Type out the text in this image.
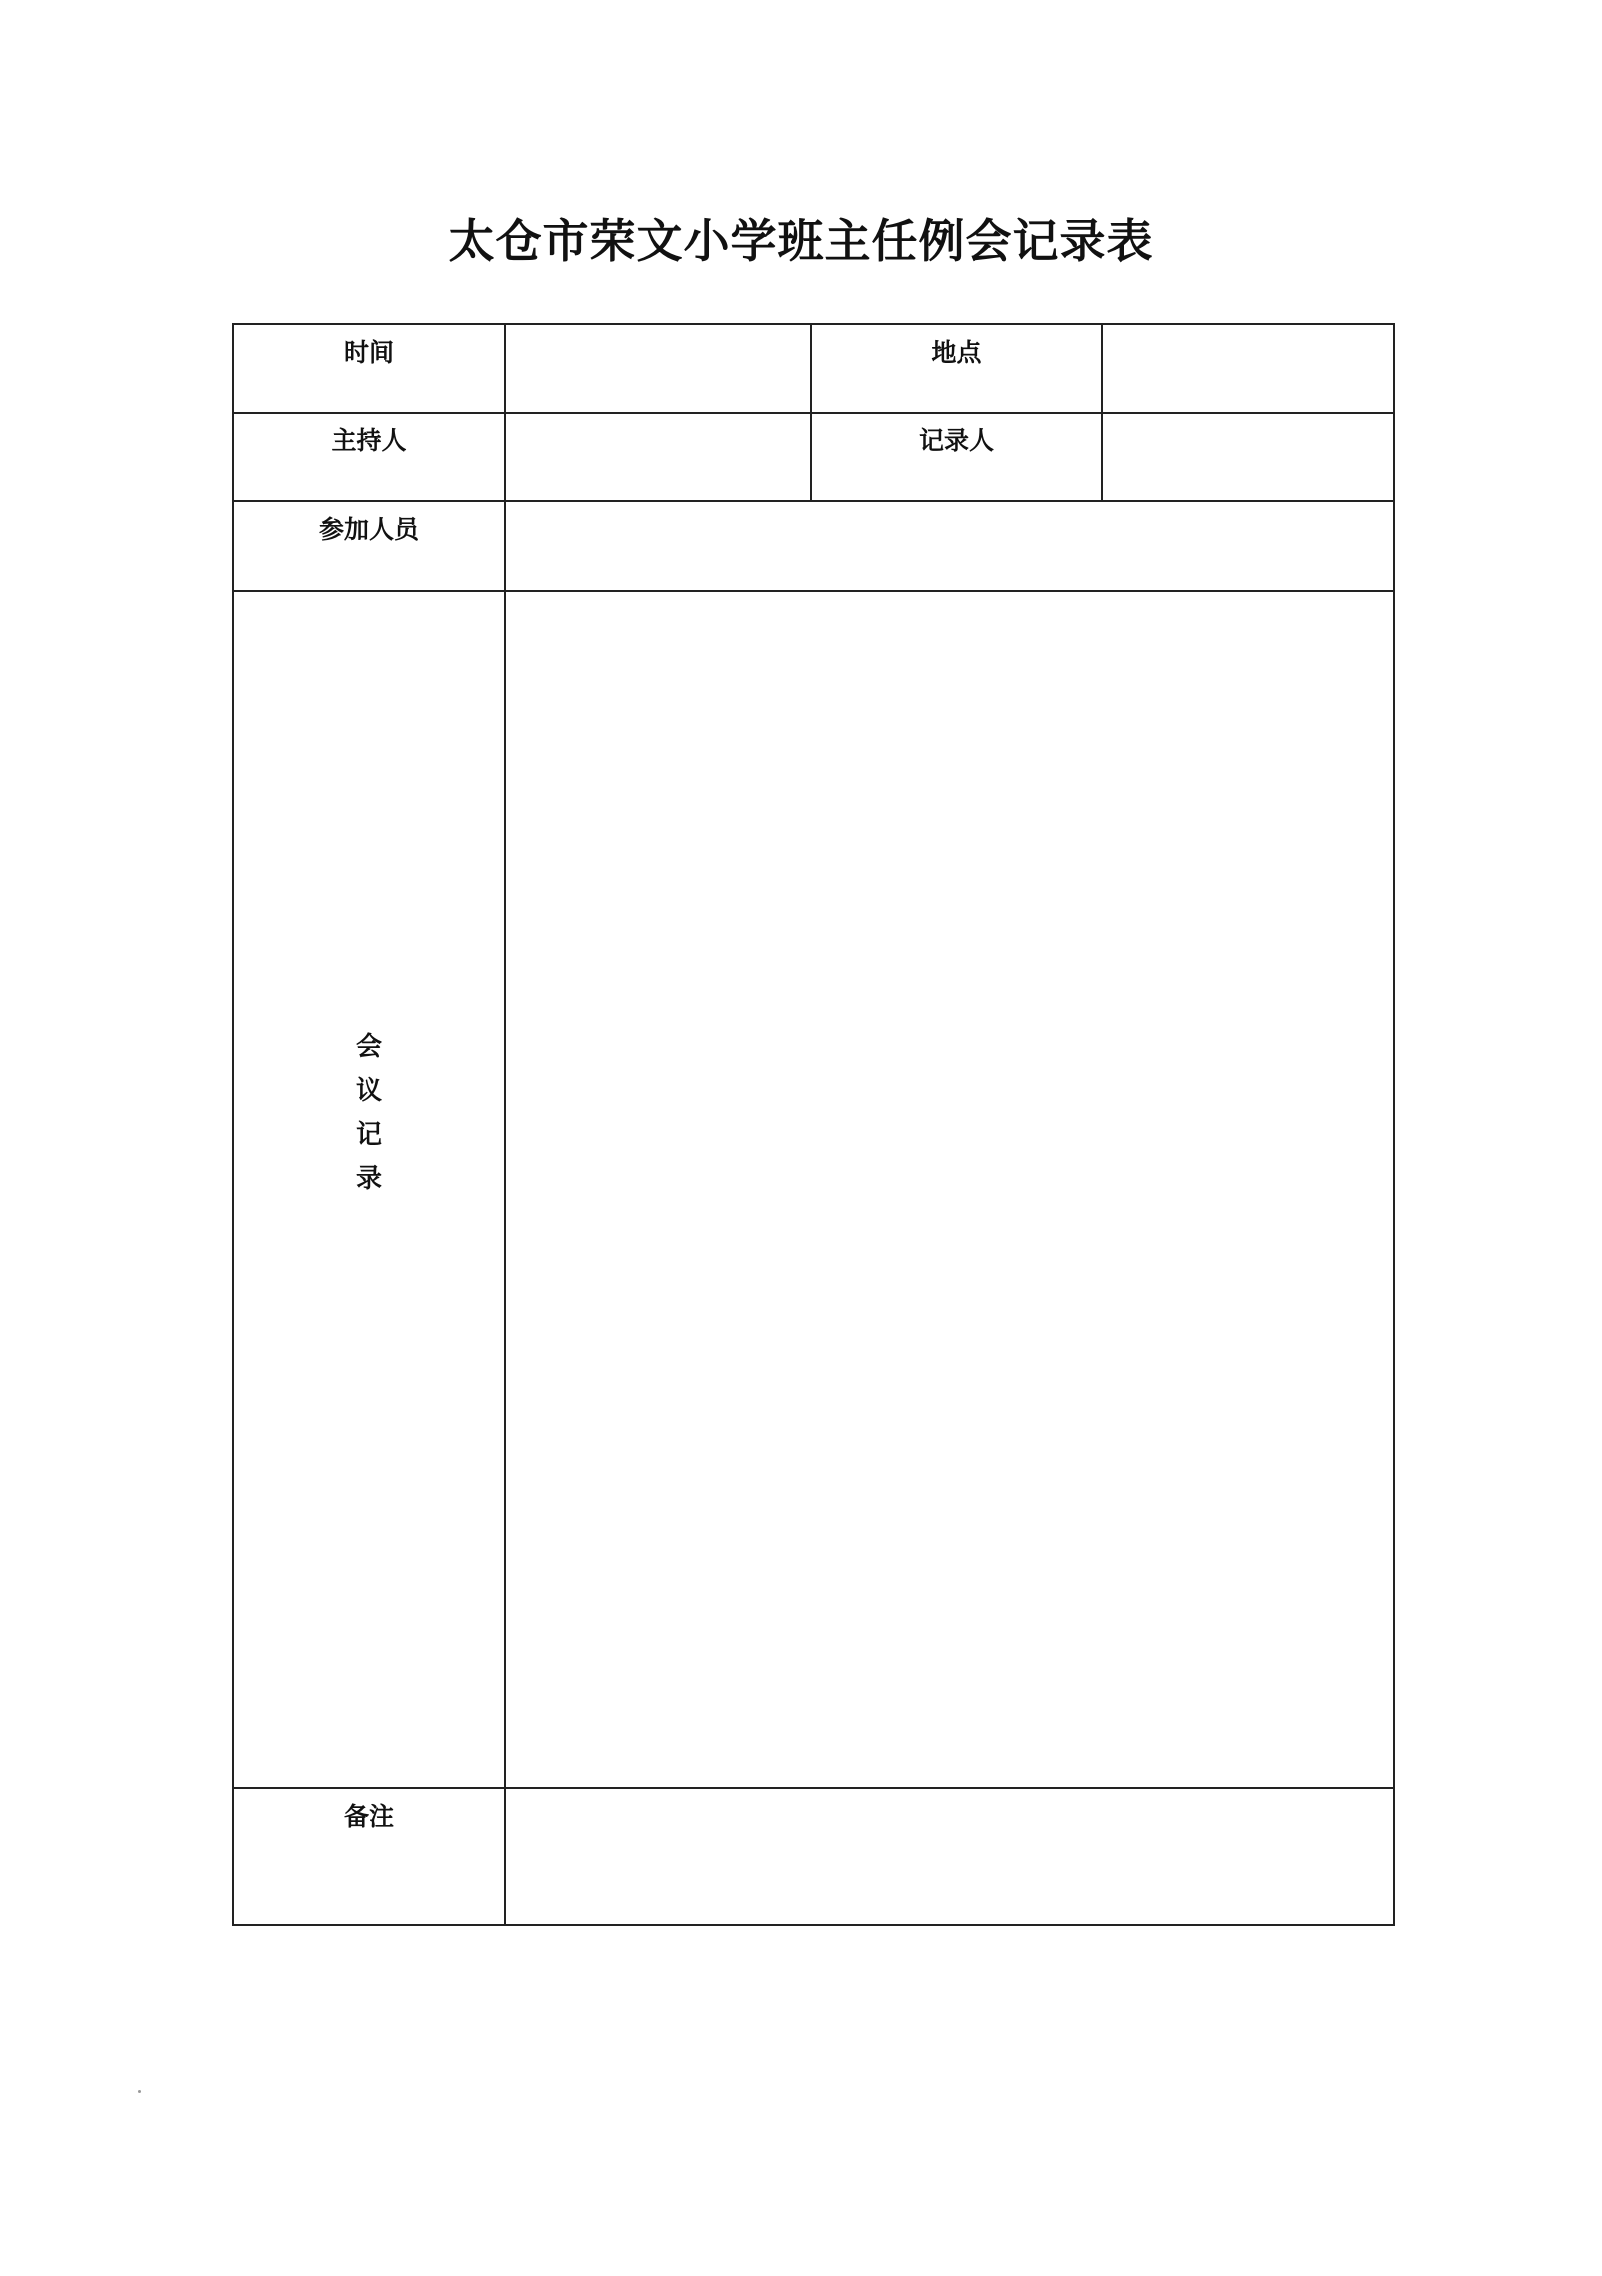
太仓市荣文小学班主任例会记录表
时间	地点
主持人	记录人
参加人员
会
议
记
录
备注
